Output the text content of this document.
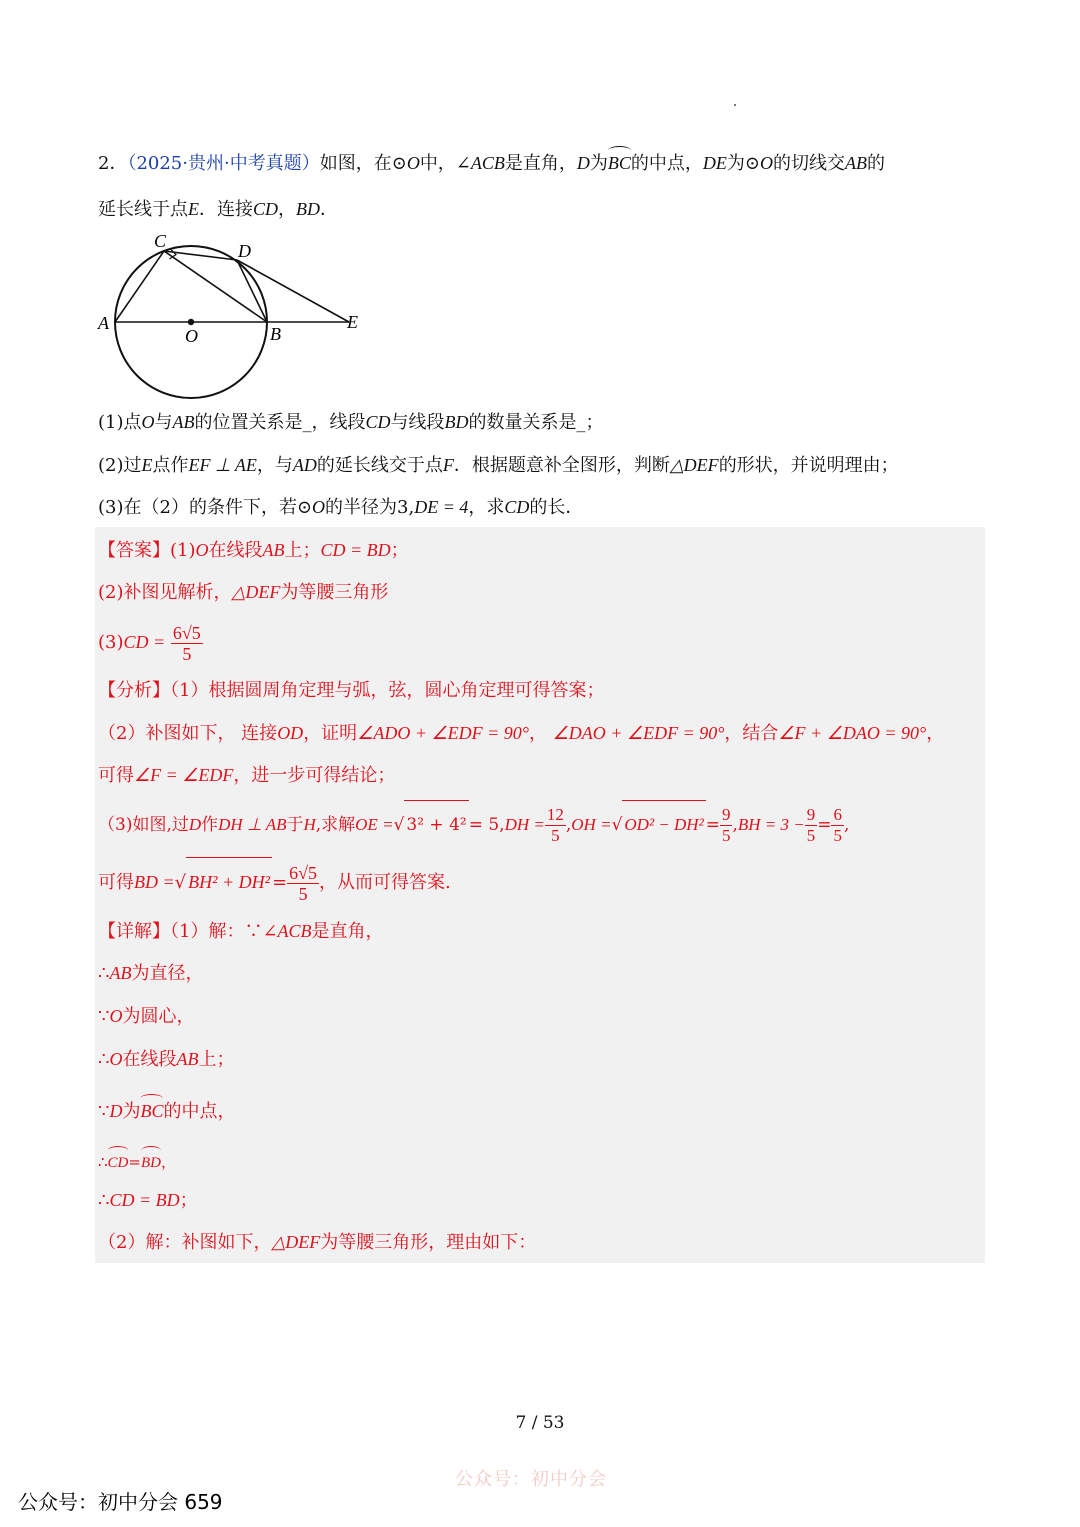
2．（2025·贵州·中考真题）如图，在⊙O中，∠ACB是直角，D为BC的中点，DE为⊙O的切线交AB的
延长线于点E．连接CD，BD．
A
B
C	D
E
O
(1)点O与AB的位置关系是_，线段CD与线段BD的数量关系是_；
(2)过E点作EF ⊥ AE，与AD的延长线交于点F．根据题意补全图形，判断△DEF的形状，并说明理由；
(3)在（2）的条件下，若⊙O的半径为3,DE = 4，求CD的长．
【答案】(1)O在线段AB上；CD = BD；
(2)补图见解析，△DEF为等腰三角形
$(3)CD = \frac{6√5}{5}$
【分析】（1）根据圆周角定理与弧，弦，圆心角定理可得答案；
（2）补图如下， 连接OD，证明∠ADO + ∠EDF = 90°， ∠DAO + ∠EDF = 90°，结合∠F + ∠DAO = 90°，
可得∠F = ∠EDF，进一步可得结论；
（3)如图,过D作DH ⊥ AB于H,求解OE =√ $3^2 + 4^2 = 5,DH = \frac{12}{5} ,OH$ =√ $OD^2 - DH^2 = \frac{9}{5} ,BH = 3 - \frac{9}{5} = \frac{6}{5}$ ,
可得BD =√ $BH^2 + DH^2 = \frac{6√5}{5}$ ，从而可得答案.
【详解】（1）解：∵∠ACB是直角，
∴AB为直径，
∵O为圆心，
∴O在线段AB上；
∵D为BC的中点，
∴CD=BD，
∴CD = BD；
（2）解：补图如下，△DEF为等腰三角形，理由如下：
7 / 53
公众号：初中分会
公众号：初中分会 659
